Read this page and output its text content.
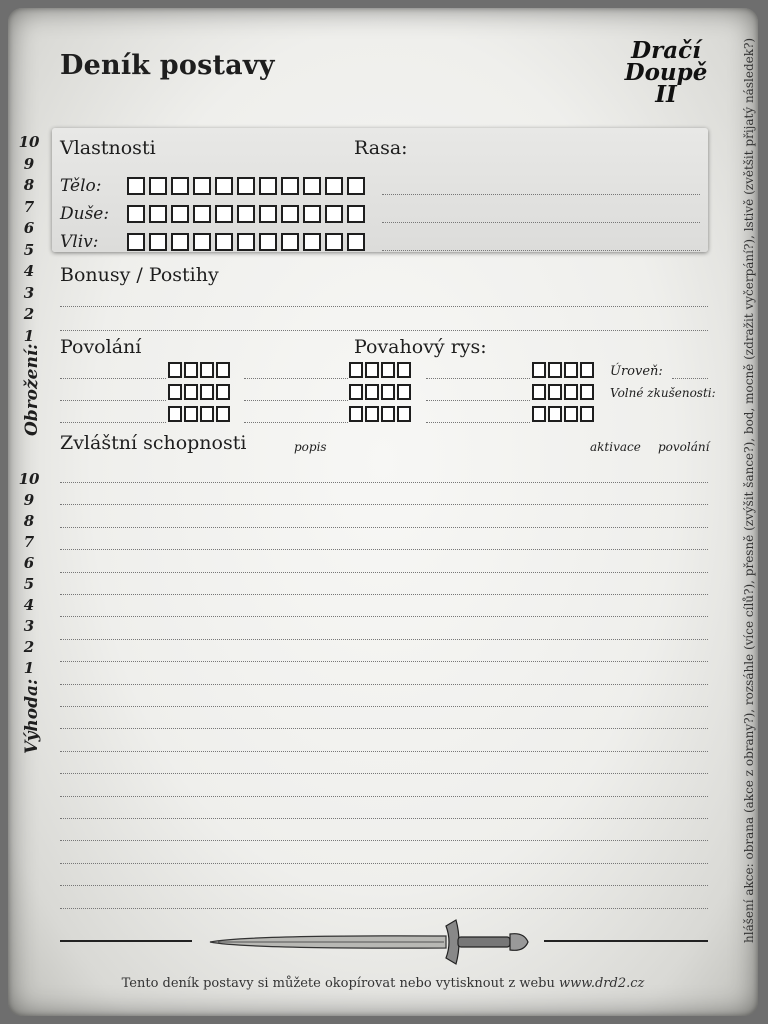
Deník postavy	Dračí
Doupě
II
Vlastnosti	Rasa:
Tělo:
Duše:
Vliv:
Bonusy / Postihy
Povolání	Povahový rys:
Úroveň:
Volné zkušenosti:
Zvláštní schopnosti	popis	aktivace povolání
10
9
8
7
6
5
4
3
2
1
10
9
8
7
6
5
4
3
2
1
Obrožení:
Výhoda:	hlášení akce: obrana (akce z obrany?), rozsáhle (více cílů?), přesně (zvýšit šance?), bod, mocně (zdražit vyčerpání?), lstivě (zvětšit přijatý následek?)
Tento deník postavy si můžete okopírovat nebo vytisknout z webu www.drd2.cz
